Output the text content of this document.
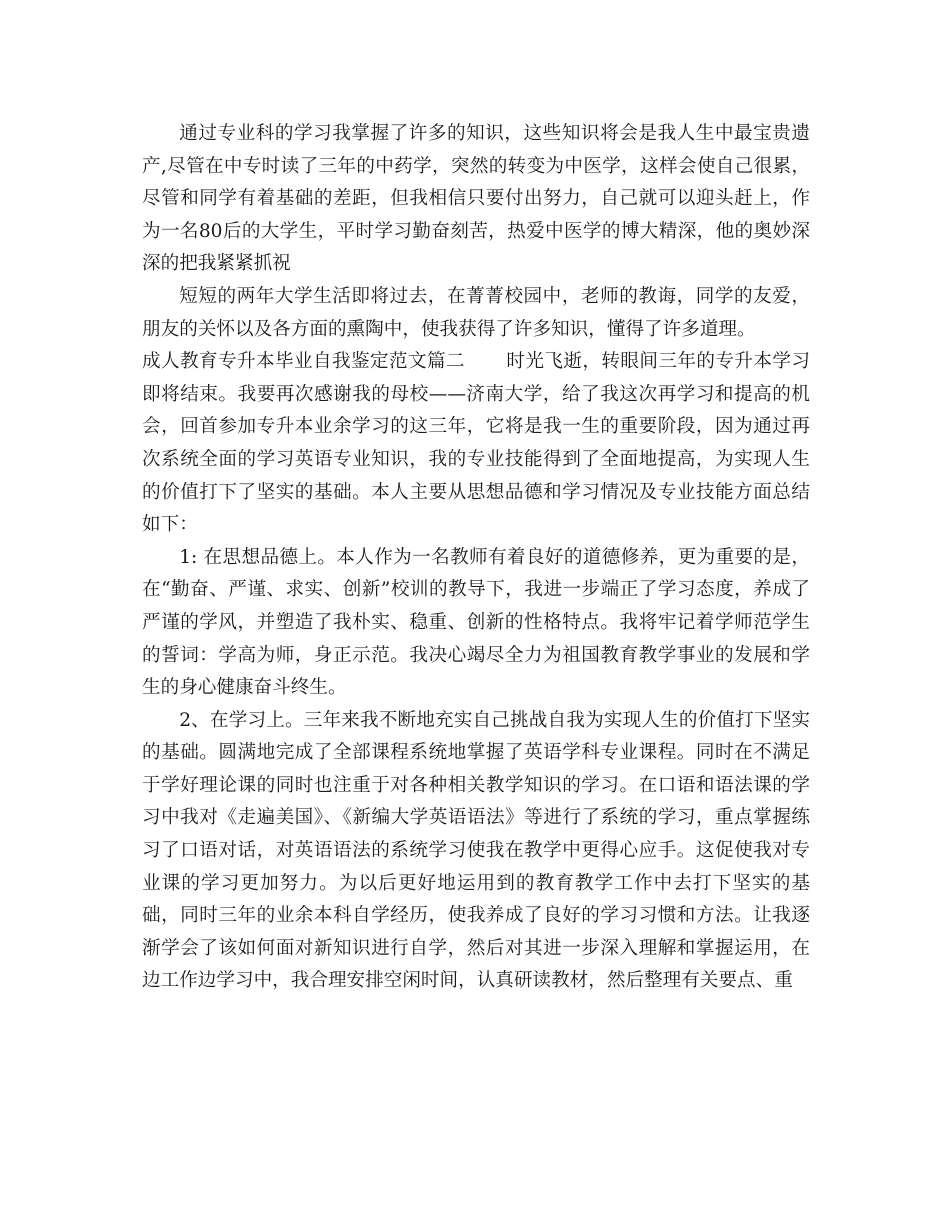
通过专业科的学习我掌握了许多的知识，这些知识将会是我人生中最宝贵遗产,尽管在中专时读了三年的中药学，突然的转变为中医学，这样会使自己很累，尽管和同学有着基础的差距，但我相信只要付出努力，自己就可以迎头赶上，作为一名80后的大学生，平时学习勤奋刻苦，热爱中医学的博大精深，他的奥妙深深的把我紧紧抓祝

短短的两年大学生活即将过去，在菁菁校园中，老师的教诲，同学的友爱，朋友的关怀以及各方面的熏陶中，使我获得了许多知识，懂得了许多道理。

成人教育专升本毕业自我鉴定范文篇二 时光飞逝，转眼间三年的专升本学习即将结束。我要再次感谢我的母校——济南大学，给了我这次再学习和提高的机会，回首参加专升本业余学习的这三年，它将是我一生的重要阶段，因为通过再次系统全面的学习英语专业知识，我的专业技能得到了全面地提高，为实现人生的价值打下了坚实的基础。本人主要从思想品德和学习情况及专业技能方面总结如下：

1: 在思想品德上。本人作为一名教师有着良好的道德修养，更为重要的是，在“勤奋、严谨、求实、创新”校训的教导下，我进一步端正了学习态度，养成了严谨的学风，并塑造了我朴实、稳重、创新的性格特点。我将牢记着学师范学生的誓词：学高为师，身正示范。我决心竭尽全力为祖国教育教学事业的发展和学生的身心健康奋斗终生。

2、在学习上。三年来我不断地充实自己挑战自我为实现人生的价值打下坚实的基础。圆满地完成了全部课程系统地掌握了英语学科专业课程。同时在不满足于学好理论课的同时也注重于对各种相关教学知识的学习。在口语和语法课的学习中我对《走遍美国》、《新编大学英语语法》等进行了系统的学习，重点掌握练习了口语对话，对英语语法的系统学习使我在教学中更得心应手。这促使我对专业课的学习更加努力。为以后更好地运用到的教育教学工作中去打下坚实的基础，同时三年的业余本科自学经历，使我养成了良好的学习习惯和方法。让我逐渐学会了该如何面对新知识进行自学，然后对其进一步深入理解和掌握运用，在边工作边学习中，我合理安排空闲时间，认真研读教材，然后整理有关要点、重
